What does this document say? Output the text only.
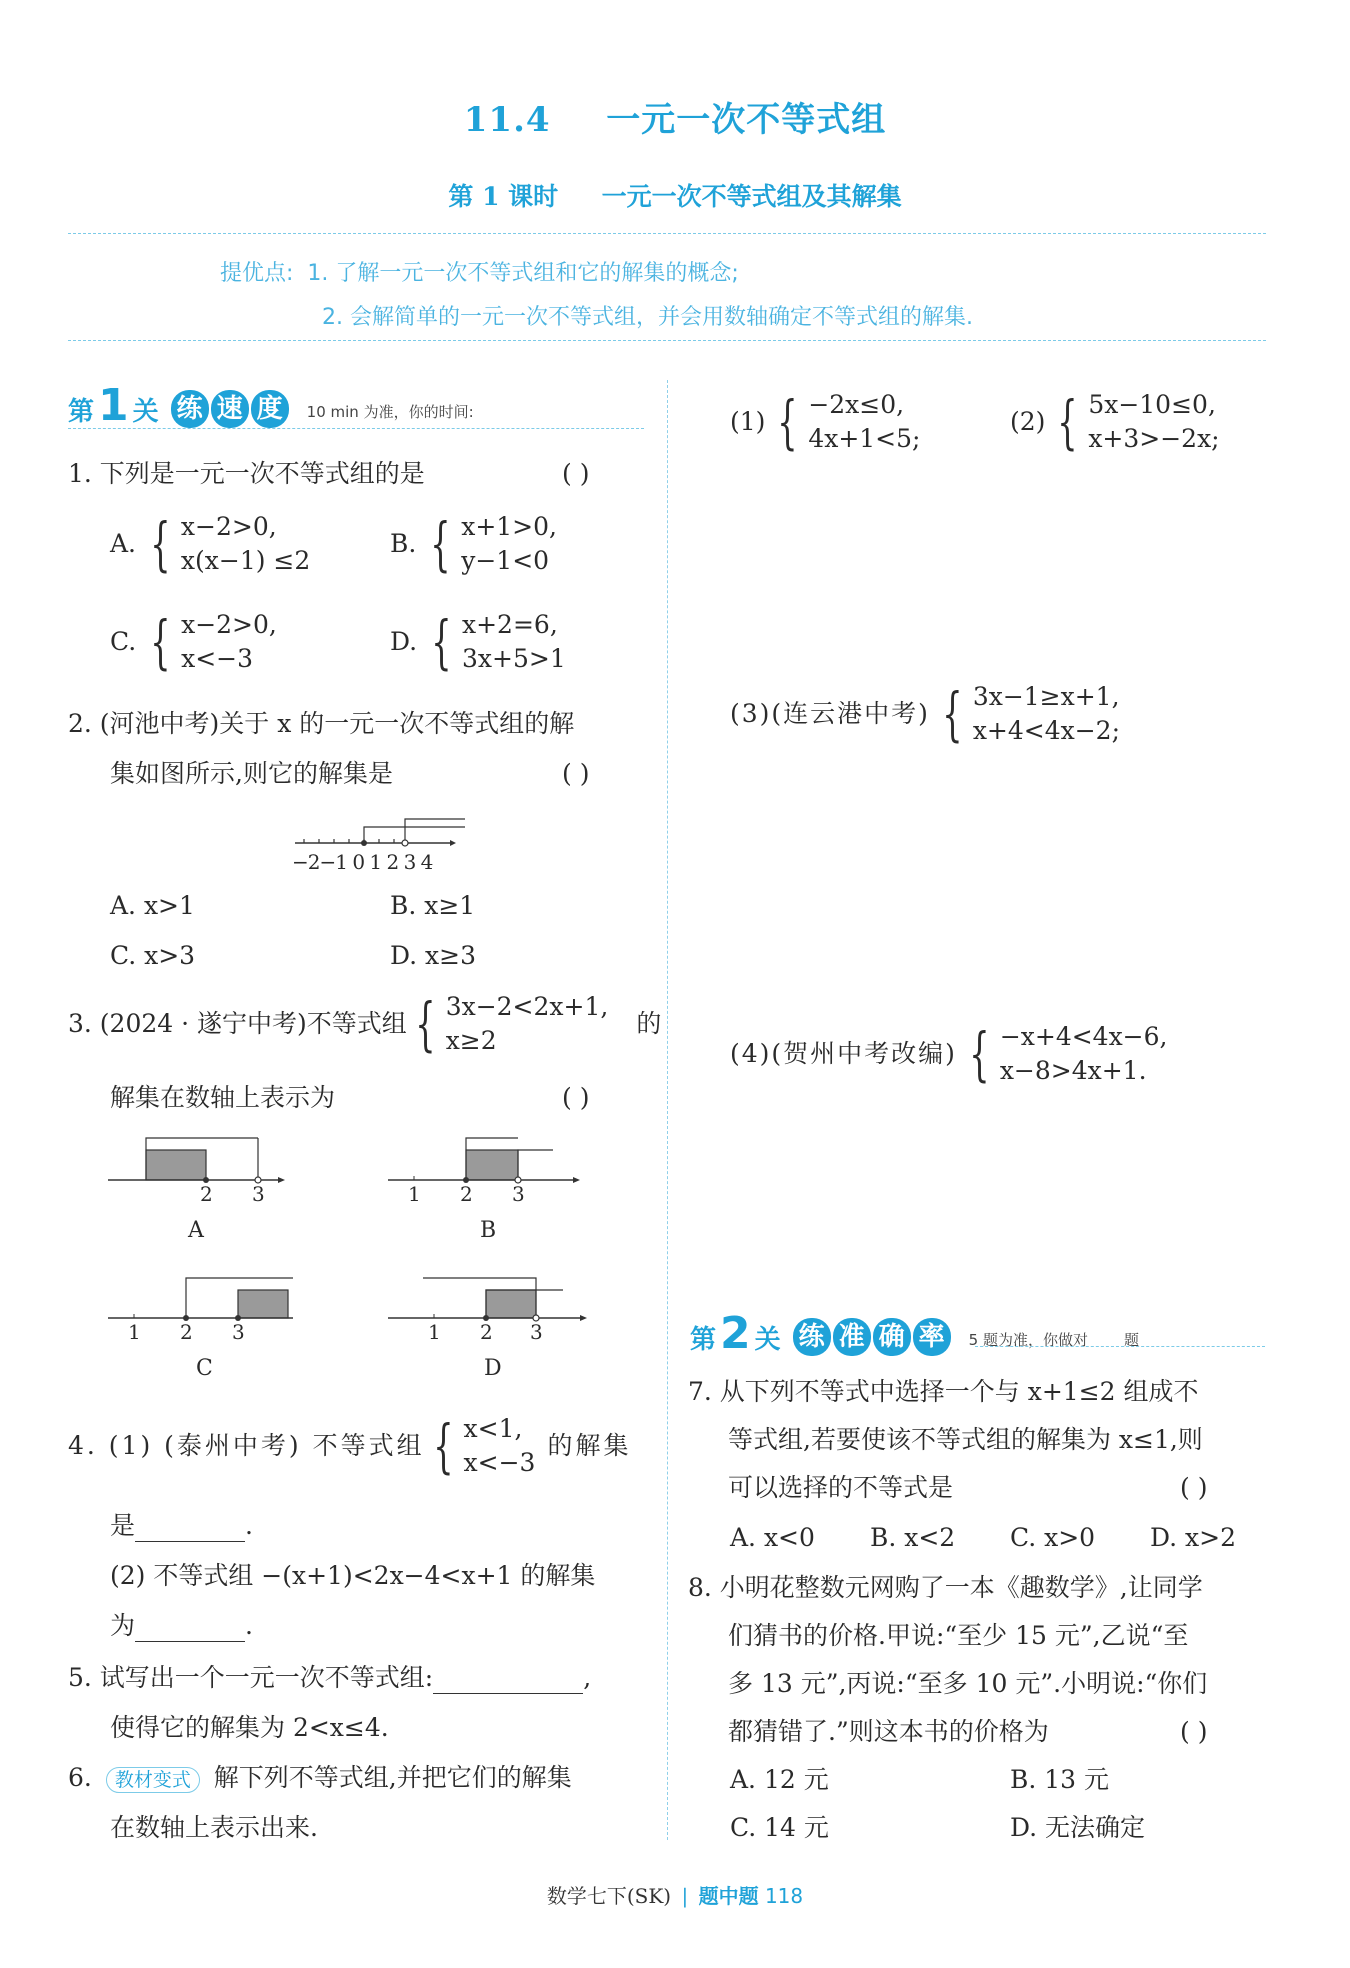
11.4 一元一次不等式组
第 1 课时 一元一次不等式组及其解集
提优点: 1. 了解一元一次不等式组和它的解集的概念;
2. 会解简单的一元一次不等式组，并会用数轴确定不等式组的解集.
第 1 关 练 速 度	10 min 为准，你的时间:
1. 下列是一元一次不等式组的是	( )
A. { x−2>0,
x(x−1) ≤2
B. { x+1>0,
y−1<0
C. { x−2>0,
x<−3
D. { x+2=6,
3x+5>1
2. (河池中考)关于 x 的一元一次不等式组的解
集如图所示,则它的解集是	( )
−2−1 0 1 2 3 4
A. x>1	B. x≥1
C. x>3	D. x≥3
3. (2024 · 遂宁中考)不等式组 { 3x−2<2x+1,
x≥2
的
解集在数轴上表示为	( )
2 3
A
1 2 3
B
1 2 3
C
1 2 3
D
4. (1) (泰州中考) 不等式组 { x<1,
x<−3
的解集
是	.
(2) 不等式组 −(x+1)<2x−4<x+1 的解集
为	.
5. 试写出一个一元一次不等式组:	,
使得它的解集为 2<x≤4.
6. 教材变式 解下列不等式组,并把它们的解集
在数轴上表示出来.
(1) { −2x≤0,
4x+1<5;
(2) { 5x−10≤0,
x+3>−2x;
(3)(连云港中考) { 3x−1≥x+1,
x+4<4x−2;
(4)(贺州中考改编) { −x+4<4x−6,
x−8>4x+1.
第 2 关 练 准 确 率	5 题为准，你做对 题
7. 从下列不等式中选择一个与 x+1≤2 组成不
等式组,若要使该不等式组的解集为 x≤1,则
可以选择的不等式是	( )
A. x<0 B. x<2 C. x>0 D. x>2
8. 小明花整数元网购了一本《趣数学》,让同学
们猜书的价格.甲说:“至少 15 元”,乙说“至
多 13 元”,丙说:“至多 10 元”.小明说:“你们
都猜错了.”则这本书的价格为	( )
A. 12 元	B. 13 元
C. 14 元	D. 无法确定
数学七下(SK) | 题中题 118
